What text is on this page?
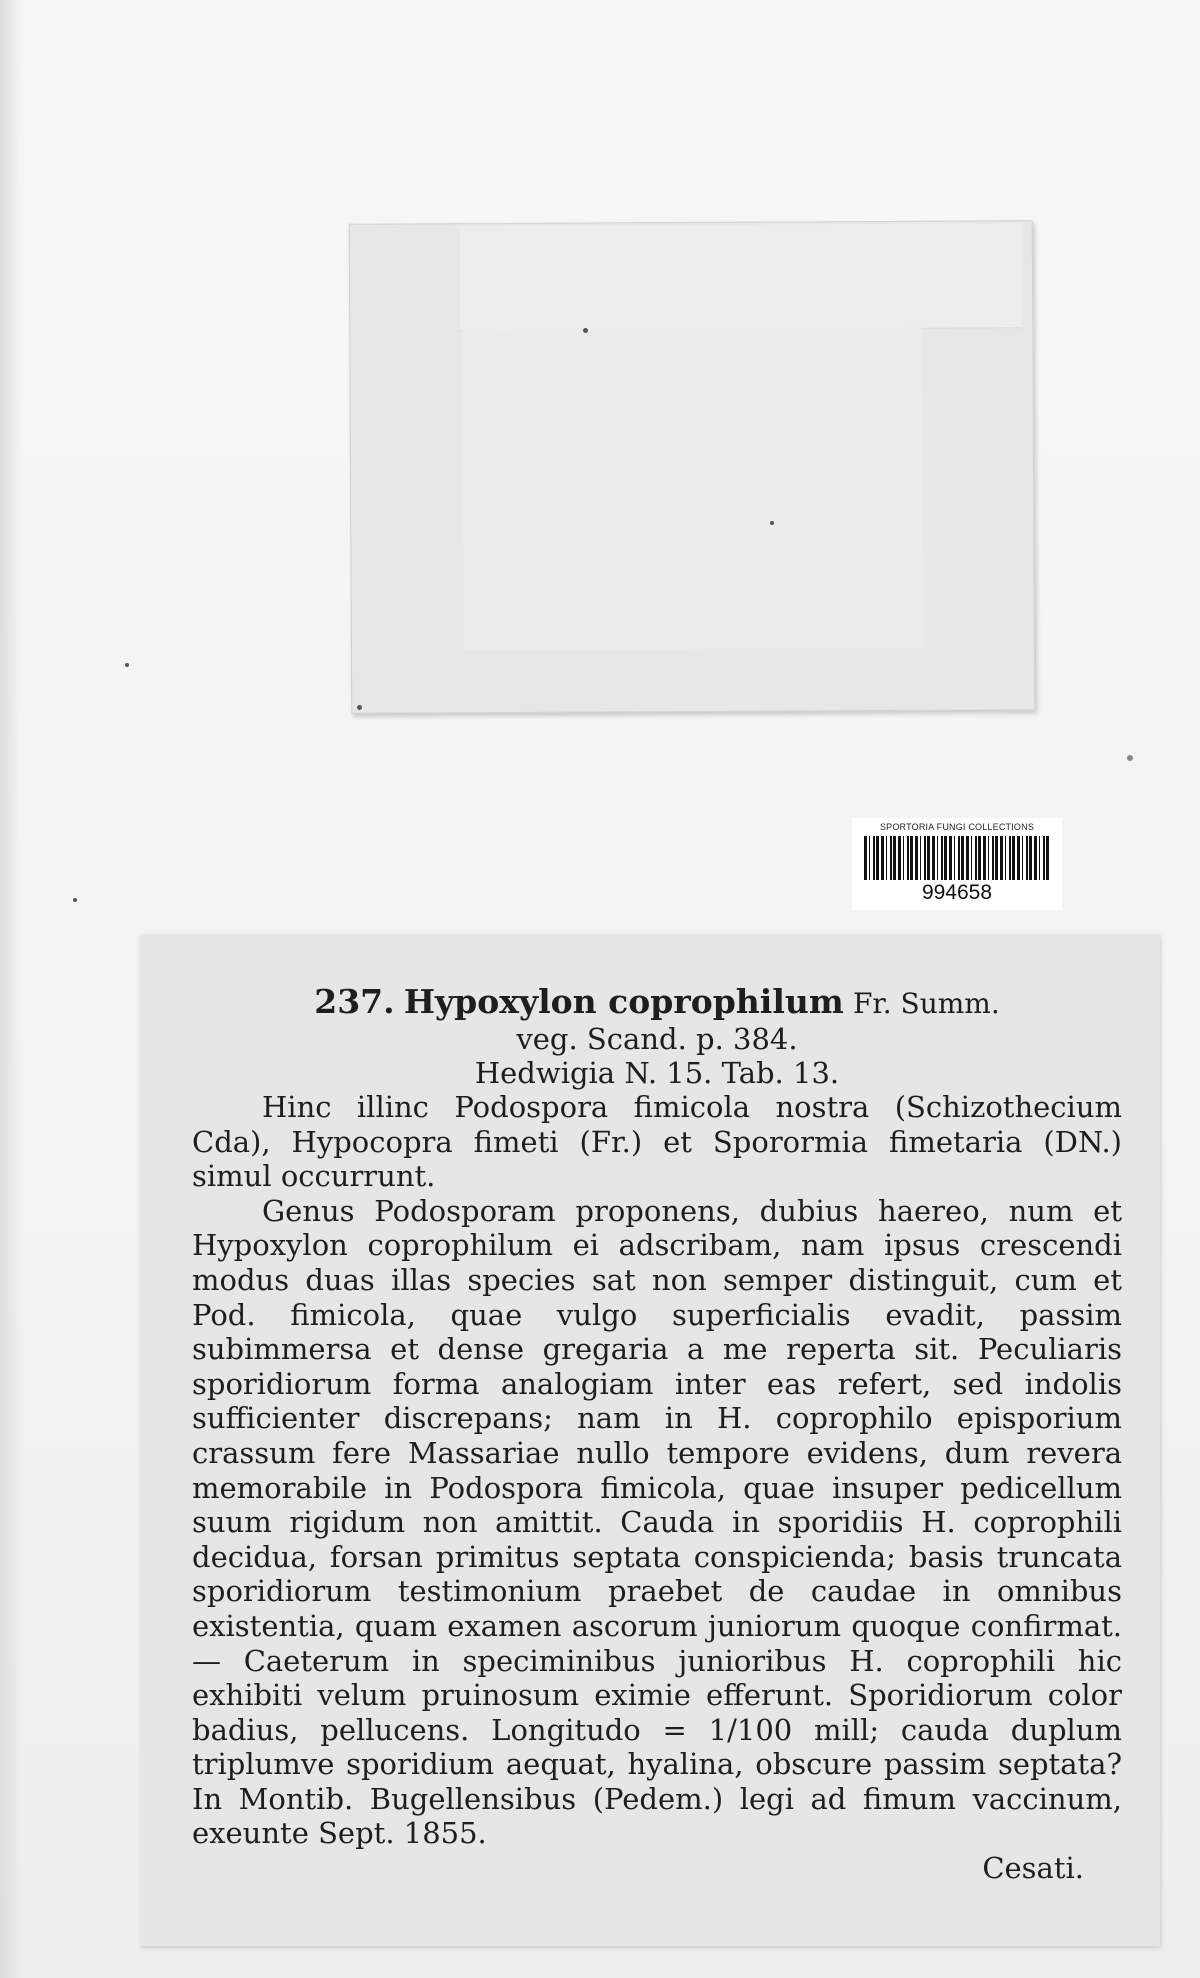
SPORTORIA FUNGI COLLECTIONS
994658
237. Hypoxylon coprophilum Fr. Summ.
veg. Scand. p. 384.
Hedwigia N. 15. Tab. 13.

Hinc illinc Podospora fimicola nostra (Schizothecium Cda), Hypocopra fimeti (Fr.) et Sporormia fimetaria (DN.) simul occurrunt.

Genus Podosporam proponens, dubius haereo, num et Hypoxylon coprophilum ei adscribam, nam ipsus crescendi modus duas illas species sat non semper distinguit, cum et Pod. fimicola, quae vulgo superficialis evadit, passim subimmersa et dense gregaria a me reperta sit. Peculiaris sporidiorum forma analogiam inter eas refert, sed indolis sufficienter discrepans; nam in H. coprophilo episporium crassum fere Massariae nullo tempore evidens, dum revera memorabile in Podospora fimicola, quae insuper pedicellum suum rigidum non amittit. Cauda in sporidiis H. coprophili decidua, forsan primitus septata conspicienda; basis truncata sporidiorum testimonium praebet de caudae in omnibus existentia, quam examen ascorum juniorum quoque confirmat. — Caeterum in speciminibus junioribus H. coprophili hic exhibiti velum pruinosum eximie efferunt. Sporidiorum color badius, pellucens. Longitudo = 1/100 mill; cauda duplum triplumve sporidium aequat, hyalina, obscure passim septata? In Montib. Bugellensibus (Pedem.) legi ad fimum vaccinum, exeunte Sept. 1855.

Cesati.
